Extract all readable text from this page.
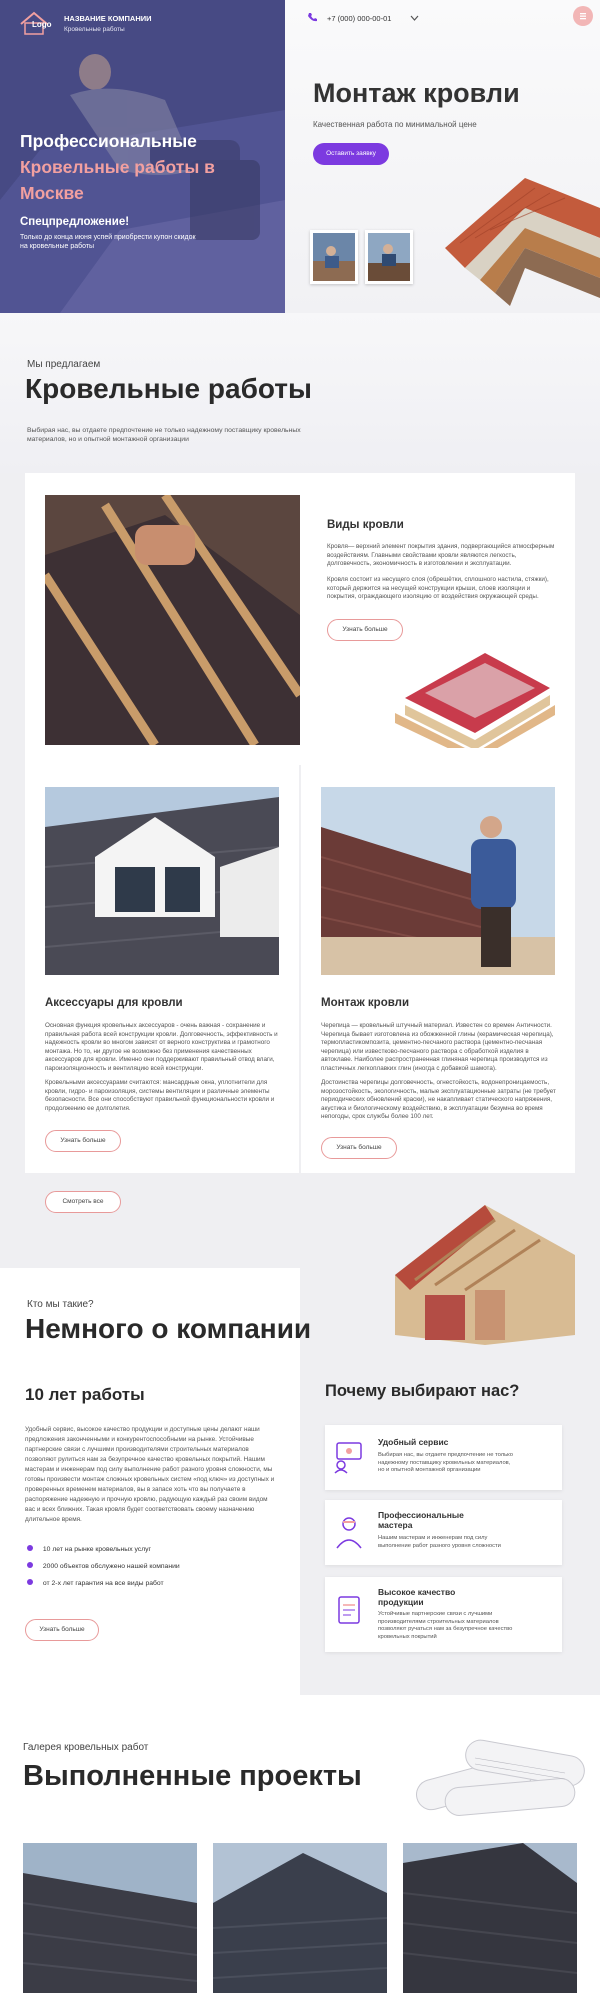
Logo
НАЗВАНИЕ КОМПАНИИ
Кровельные работы
Профессиональные
Кровельные работы в
Москве
Спецпредложение!
Только до конца июня успей приобрести купон скидок на кровельные работы
+7 (000) 000-00-01
Монтаж кровли
Качественная работа по минимальной цене
Оставить заявку
Мы предлагаем
Кровельные работы
Выбирая нас, вы отдаете предпочтение не только надежному поставщику кровельных материалов, но и опытной монтажной организации
Виды кровли
Кровля— верхний элемент покрытия здания, подвергающийся атмосферным воздействиям. Главными свойствами кровли являются легкость, долговечность, экономичность в изготовлении и эксплуатации.
Кровля состоит из несущего слоя (обрешётки, сплошного настила, стяжки), который держится на несущей конструкции крыши, слоев изоляции и покрытия, ограждающего изоляцию от воздействия окружающей среды.
Узнать больше
Аксессуары для кровли
Основная функция кровельных аксессуаров - очень важная - сохранение и правильная работа всей конструкции кровли. Долговечность, эффективность и надежность кровли во многом зависят от верного конструктива и грамотного монтажа. Но то, ни другое не возможно без применения качественных аксессуаров для кровли. Именно они поддерживают правильный отвод влаги, пароизоляционность и вентиляцию всей конструкции.
Кровельными аксессуарами считаются: мансардные окна, уплотнители для кровли, гидро- и пароизоляция, системы вентиляции и различные элементы безопасности. Все они способствуют правильной функциональности кровли и продолжению ее долголетия.
Узнать больше
Монтаж кровли
Черепица — кровельный штучный материал. Известен со времен Античности. Черепица бывает изготовлена из обожженной глины (керамическая черепица), термопластикомпозита, цементно-песчаного раствора (цементно-песчаная черепица) или известково-песчаного раствора с обработкой изделия в автоклаве. Наиболее распространенная глиняная черепица производится из пластичных легкоплавких глин (иногда с добавкой шамота).
Достоинства черепицы долговечность, огнестойкость, водонепроницаемость, морозостойкость, экологичность, малые эксплуатационные затраты (не требует периодических обновлений краски), не накапливает статического напряжения, акустика и биологическому воздействию, в эксплуатации безумна во время непогоды, срок службы более 100 лет.
Узнать больше
Смотреть все
Кто мы такие?
Немного о компании
10 лет работы
Удобный сервис, высокое качество продукции и доступные цены делают наши предложения законченными и конкурентоспособными на рынке. Устойчивые партнерские связи с лучшими производителями строительных материалов позволяют рулиться нам за безупречное качество кровельных покрытий. Нашим мастерам и инженерам под силу выполнение работ разного уровня сложности, мы готовы произвести монтаж сложных кровельных систем «под ключ» из доступных и проверенных временем материалов, вы в запасе хоть что вы получаете в распоряжение надежную и прочную кровлю, радующую каждый раз своим видом вас и всех ближних. Такая кровля будет соответствовать своему назначению длительное время.
10 лет на рынке кровельных услуг
2000 объектов обслужено нашей компании
от 2-х лет гарантия на все виды работ
Узнать больше
Почему выбирают нас?
Удобный сервис
Выбирая нас, вы отдаете предпочтение не только надежному поставщику кровельных материалов, но и опытной монтажной организации
Профессиональные мастера
Нашим мастерам и инженерам под силу выполнение работ разного уровня сложности
Высокое качество продукции
Устойчивые партнерские связи с лучшими производителями строительных материалов позволяют ручаться нам за безупречное качество кровельных покрытий
Галерея кровельных работ
Выполненные проекты
